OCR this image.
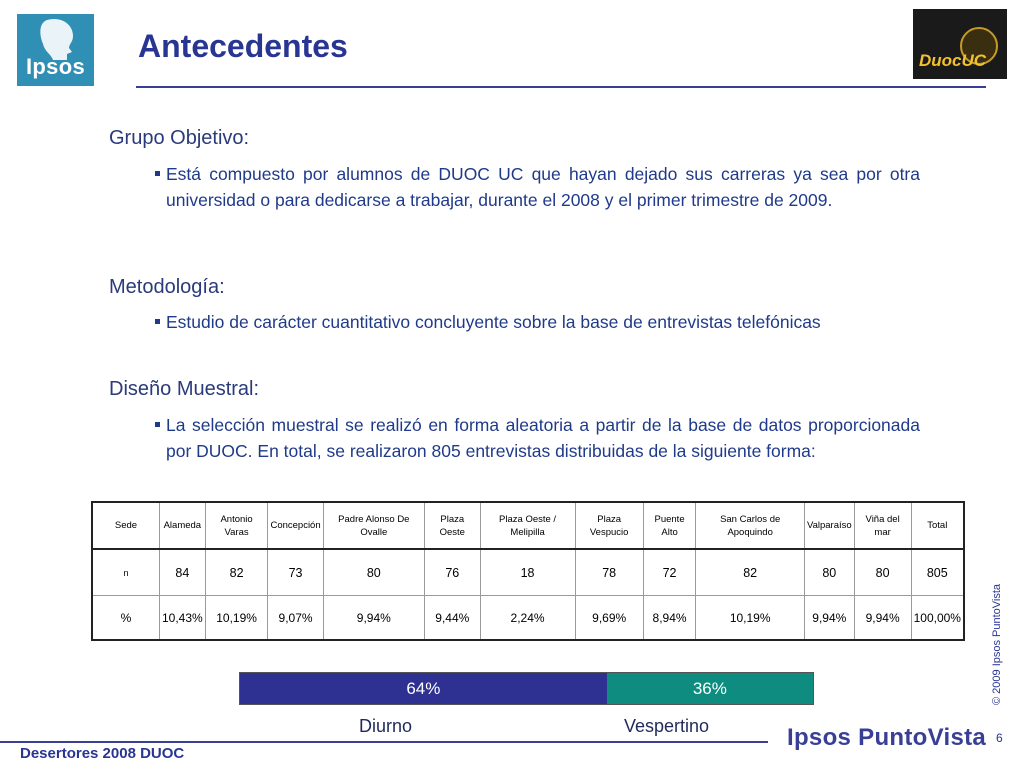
Ipsos
Antecedentes	DuocUC
Grupo Objetivo:
Está compuesto por alumnos de DUOC UC que hayan dejado sus carreras ya sea por otra universidad o para dedicarse a trabajar, durante el 2008 y el primer trimestre de 2009.
Metodología:
Estudio de carácter cuantitativo concluyente sobre la base de entrevistas telefónicas
Diseño Muestral:
La selección muestral se realizó en forma aleatoria a partir de la base de datos proporcionada por DUOC. En total, se realizaron 805 entrevistas distribuidas de la siguiente forma:
Sede	Alameda	Antonio Varas	Concepción	Padre Alonso De Ovalle	Plaza Oeste	Plaza Oeste / Melipilla	Plaza Vespucio	Puente Alto	San Carlos de Apoquindo	Valparaíso	Viña del mar	Total
n	84	82	73	80	76	18	78	72	82	80	80	805
%	10,43%	10,19%	9,07%	9,94%	9,44%	2,24%	9,69%	8,94%	10,19%	9,94%	9,94%	100,00%
64%	36%
Diurno	Vespertino
Desertores 2008 DUOC
Ipsos PuntoVista 6
© 2009 Ipsos PuntoVista
